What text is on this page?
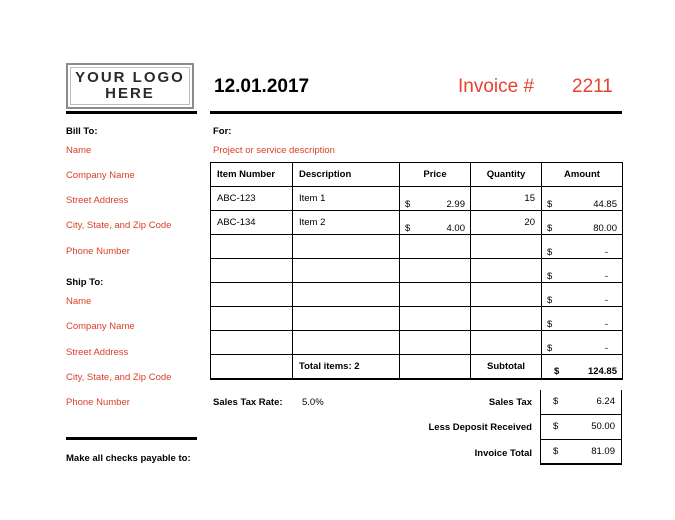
YOUR LOGO
HERE	12.01.2017	Invoice # 2211
Bill To:
Name
Company Name
Street Address
City, State, and Zip Code
Phone Number
Ship To:
Name
Company Name
Street Address
City, State, and Zip Code
Phone Number
Make all checks payable to:
For:
Project or service description
Item Number	Description	Price	Quantity	Amount
ABC-123	Item 1	$ 2.99	15	$ 44.85

ABC-134	Item 2	$ 4.00	20	$ 80.00

				$ -

				$ -

				$ -

				$ -

				$ -

	Total items: 2		Subtotal	$ 124.85
Sales Tax Rate: 5.0%	Sales Tax $	6.24
Less Deposit Received $	50.00
Invoice Total $	81.09
